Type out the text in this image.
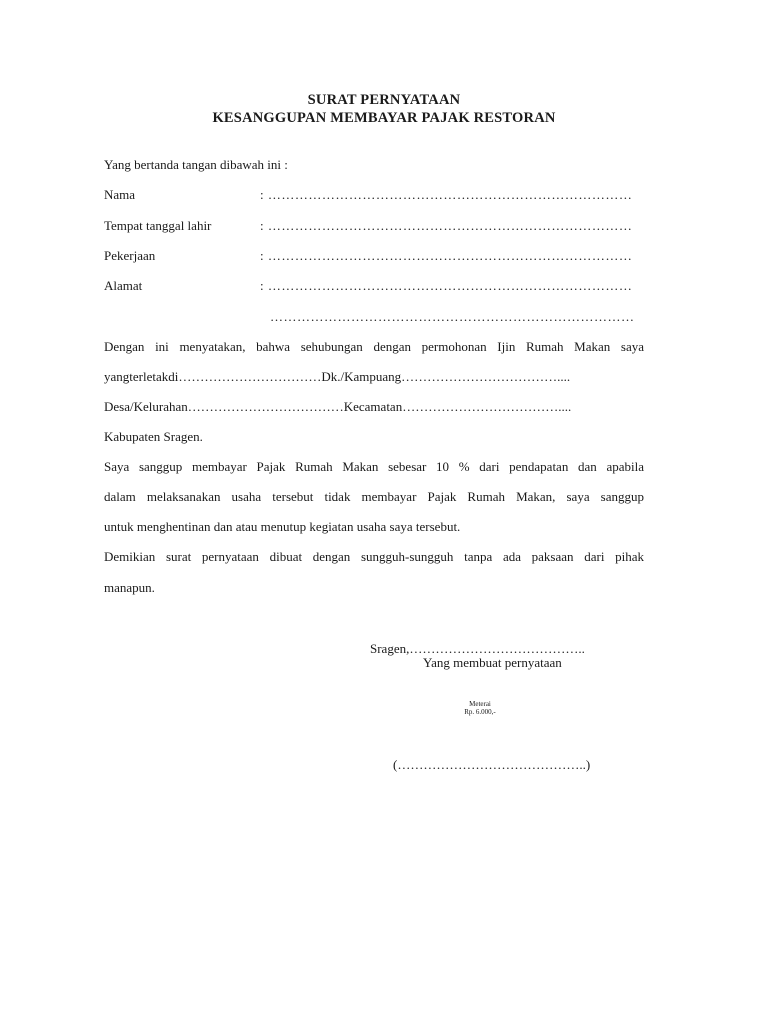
SURAT PERNYATAAN
KESANGGUPAN MEMBAYAR PAJAK RESTORAN
Yang bertanda tangan dibawah ini :
Nama	: ………………………………………………………………………
Tempat tanggal lahir	: ………………………………………………………………………
Pekerjaan	: ………………………………………………………………………
Alamat	: ………………………………………………………………………
………………………………………………………………………
Dengan ini menyatakan, bahwa sehubungan dengan permohonan Ijin Rumah Makan saya
yangterletakdi……………………………Dk./Kampuang………………………………....
Desa/Kelurahan………………………………Kecamatan………………………………....
Kabupaten Sragen.
Saya sanggup membayar Pajak Rumah Makan sebesar 10 % dari pendapatan dan apabila
dalam melaksanakan usaha tersebut tidak membayar Pajak Rumah Makan, saya sanggup
untuk menghentinan dan atau menutup kegiatan usaha saya tersebut.
Demikian surat pernyataan dibuat dengan sungguh-sungguh tanpa ada paksaan dari pihak
manapun.
Sragen,…………………………………..
Yang membuat pernyataan
Meterai
Rp. 6.000,-
(……………………………………..)
